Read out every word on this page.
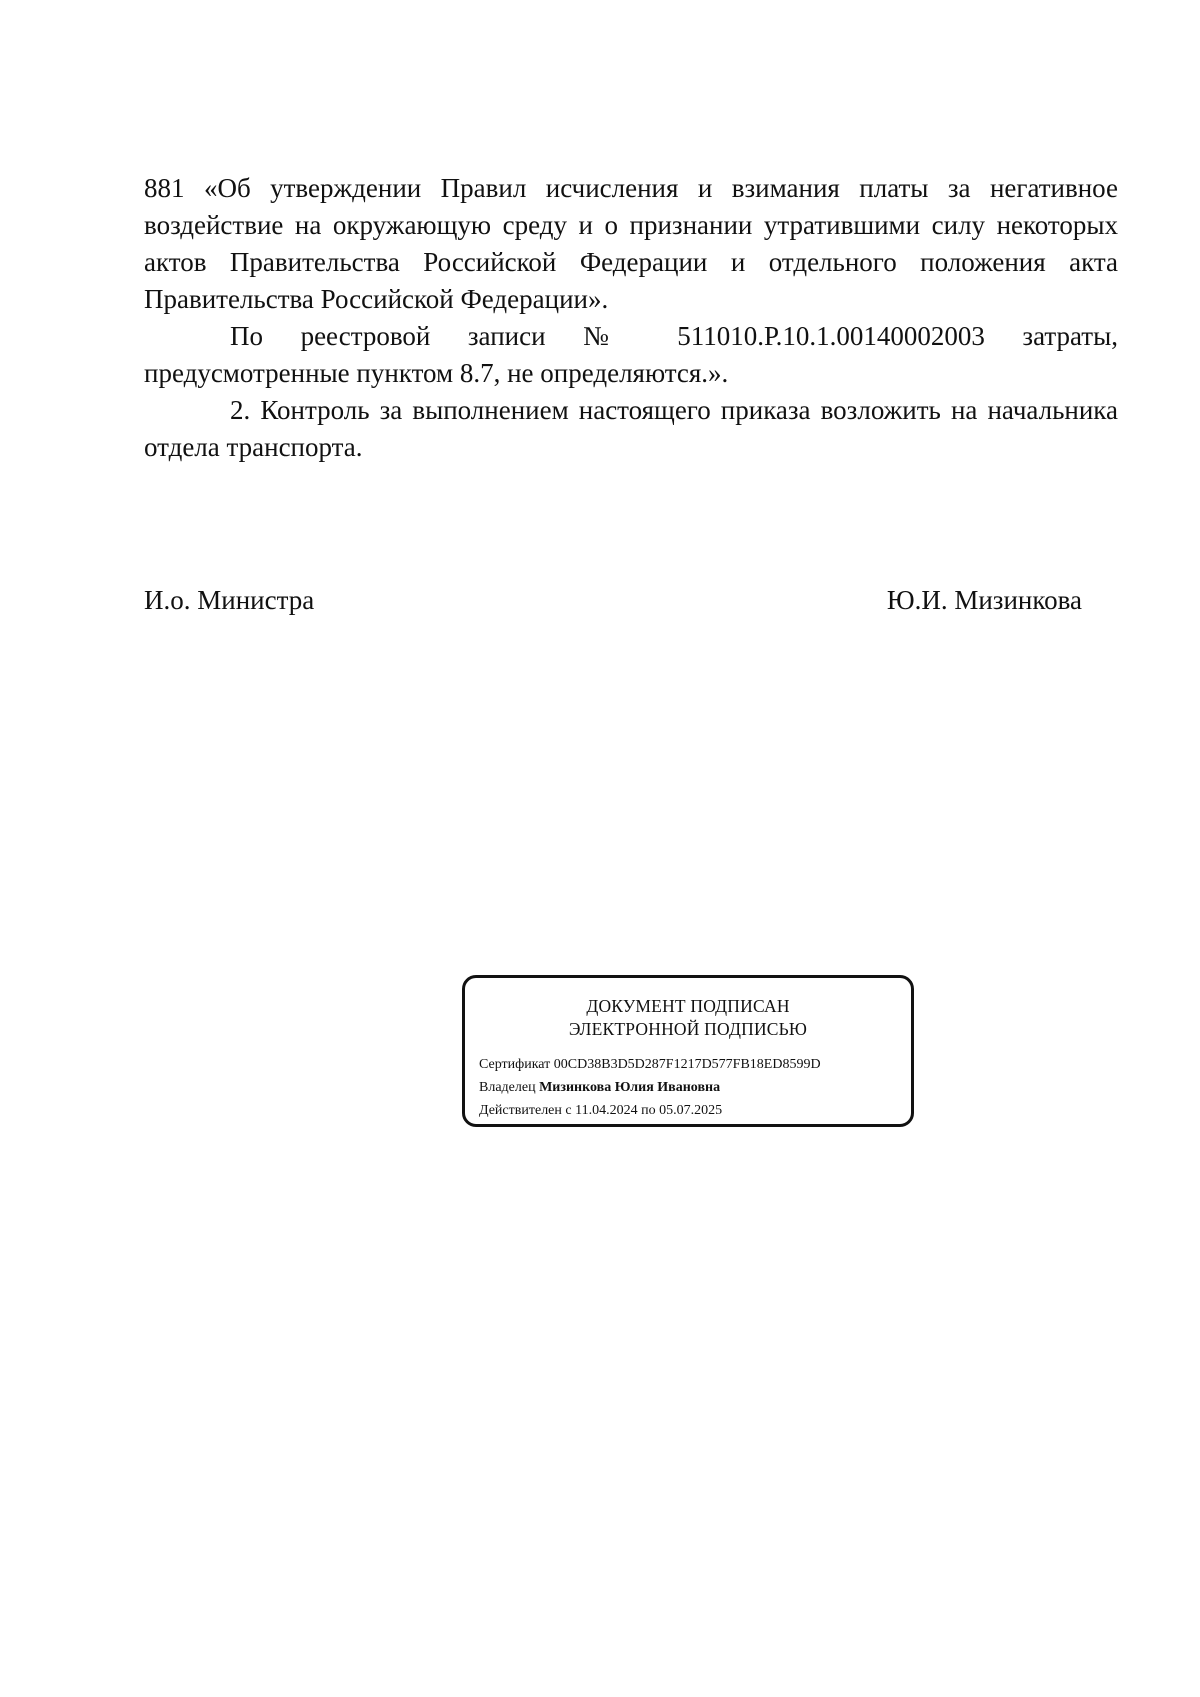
881 «Об утверждении Правил исчисления и взимания платы за негативное воздействие на окружающую среду и о признании утратившими силу некоторых актов Правительства Российской Федерации и отдельного положения акта Правительства Российской Федерации».

По реестровой записи № 511010.Р.10.1.00140002003 затраты, предусмотренные пунктом 8.7, не определяются.».

2. Контроль за выполнением настоящего приказа возложить на начальника отдела транспорта.

И.о. Министра	Ю.И. Мизинкова
ДОКУМЕНТ ПОДПИСАН
ЭЛЕКТРОННОЙ ПОДПИСЬЮ
Сертификат 00CD38B3D5D287F1217D577FB18ED8599D
Владелец Мизинкова Юлия Ивановна
Действителен с 11.04.2024 по 05.07.2025
